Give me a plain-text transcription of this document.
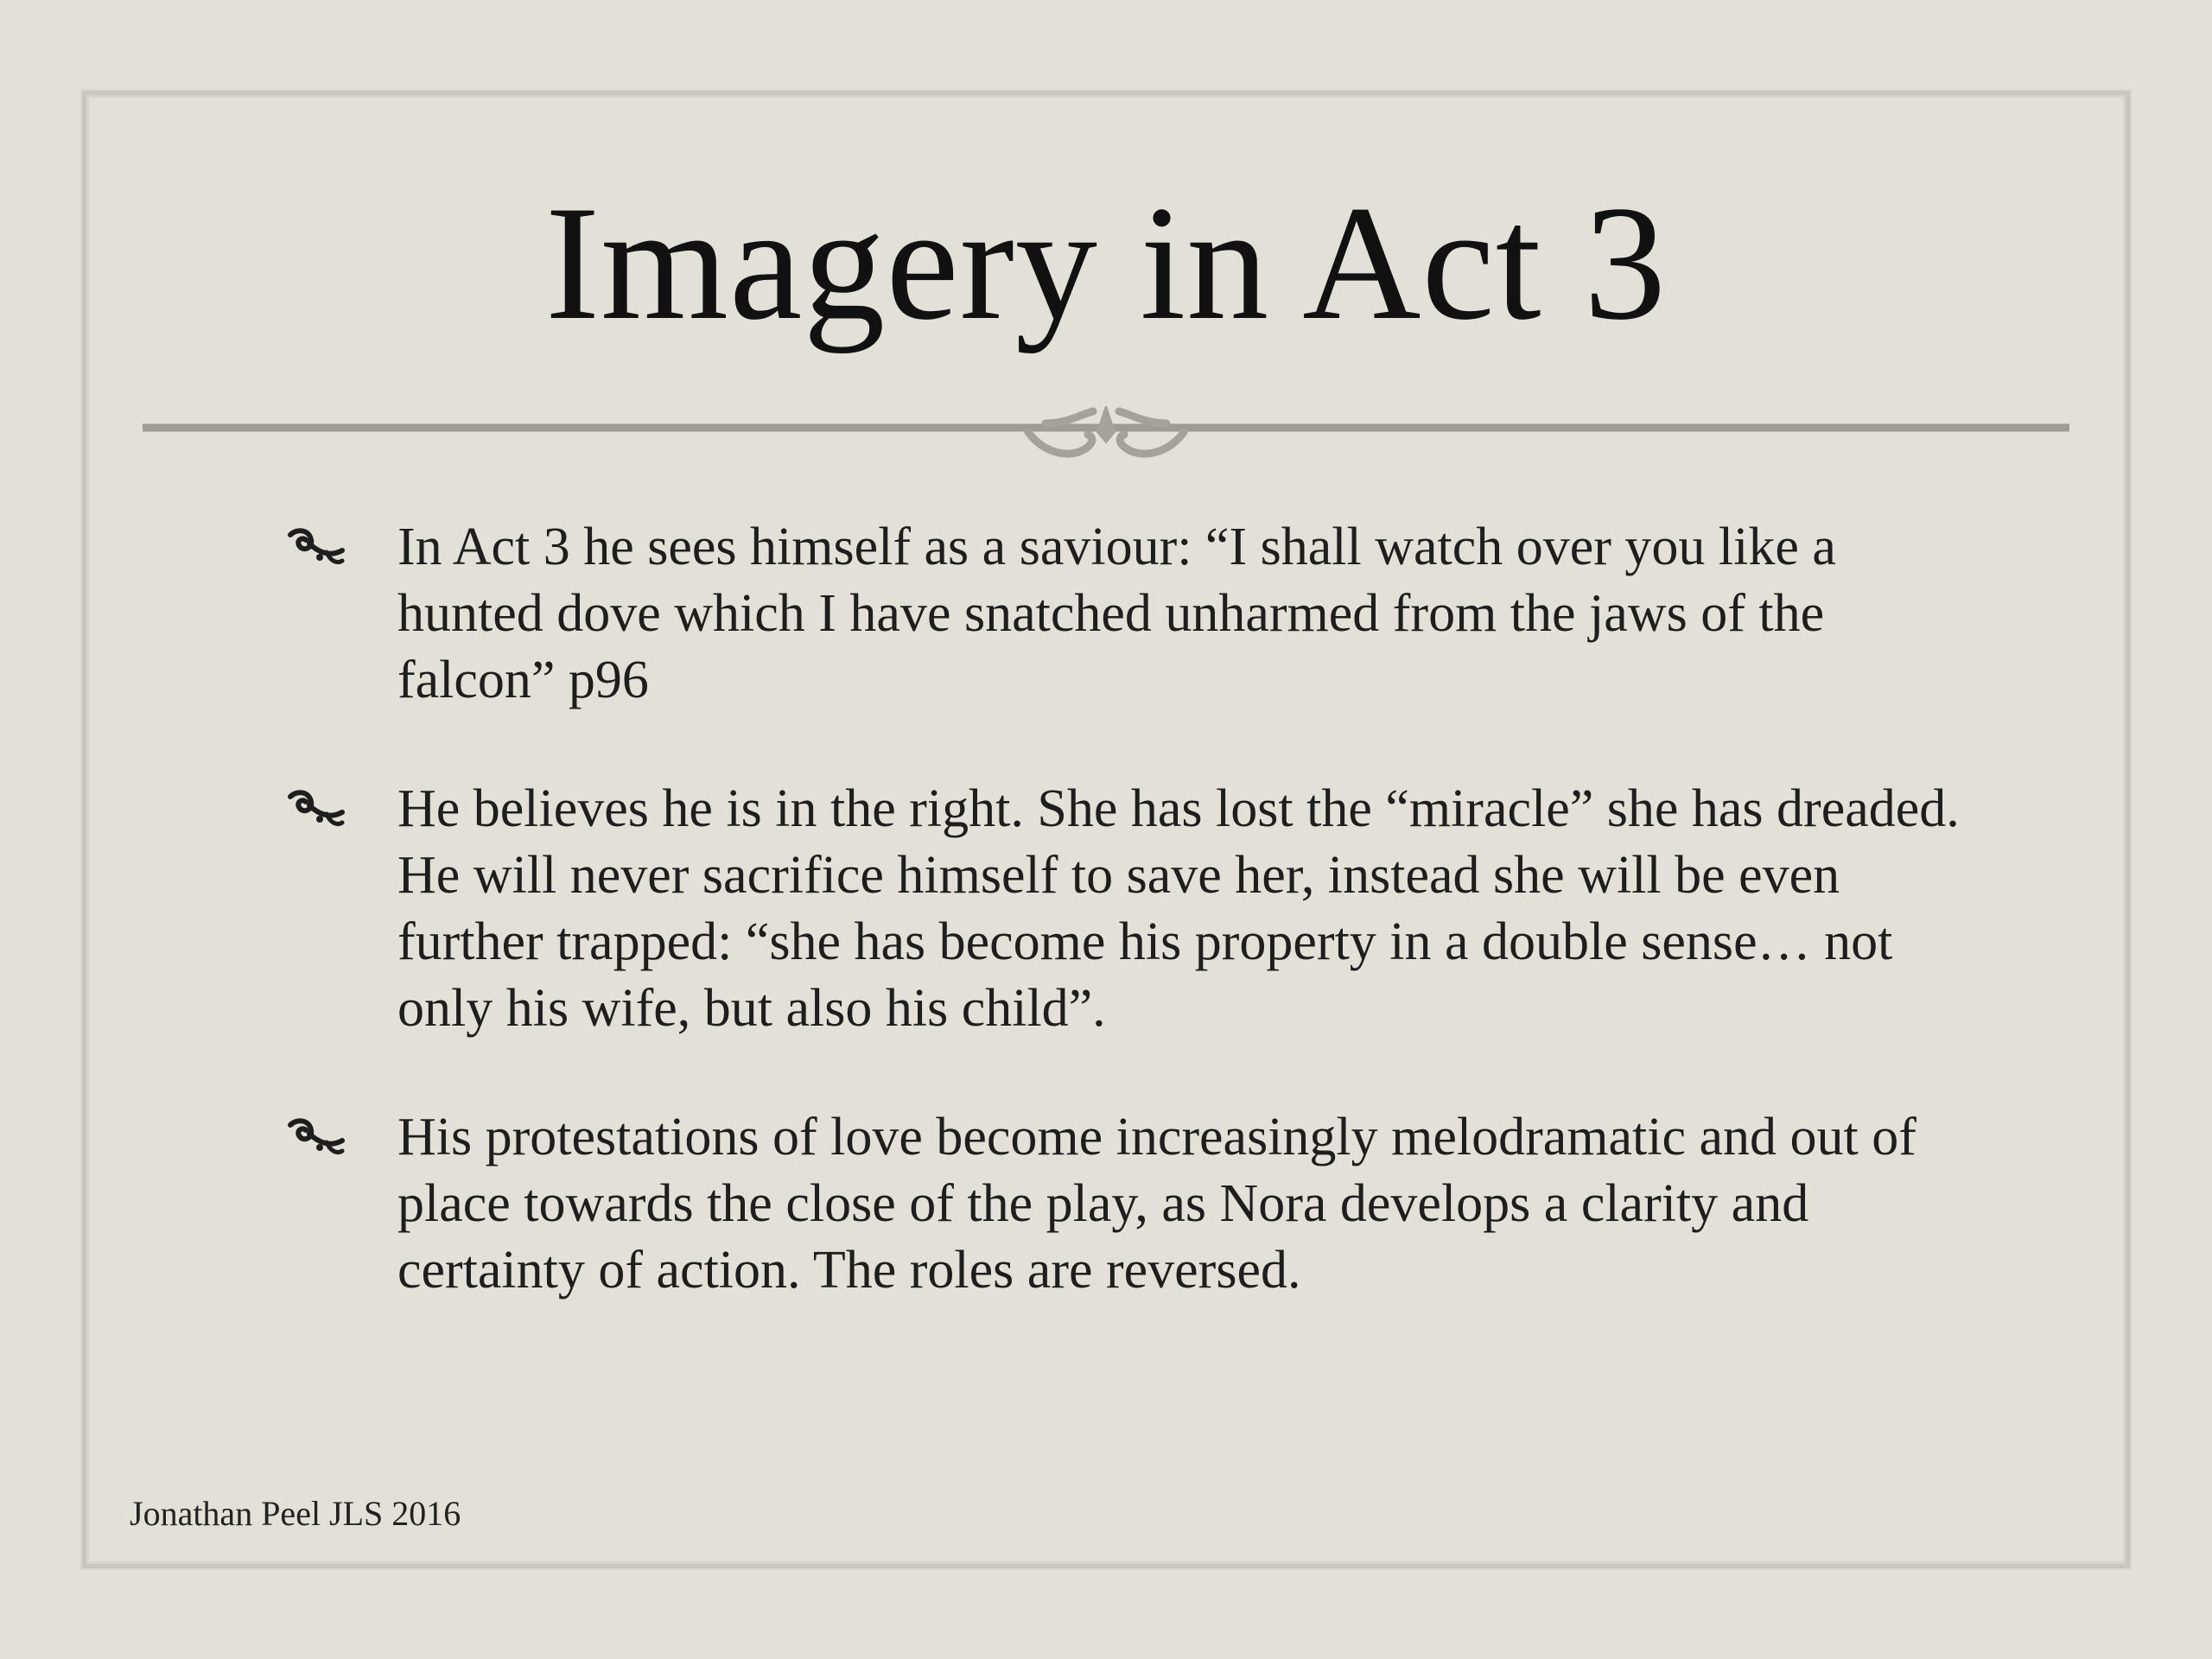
Imagery in Act 3
In Act 3 he sees himself as a saviour: “I shall watch over you like a hunted dove which I have snatched unharmed from the jaws of the falcon” p96
He believes he is in the right. She has lost the “miracle” she has dreaded. He will never sacrifice himself to save her, instead she will be even further trapped: “she has become his property in a double sense… not only his wife, but also his child”.
His protestations of love become increasingly melodramatic and out of place towards the close of the play, as Nora develops a clarity and certainty of action. The roles are reversed.
Jonathan Peel JLS 2016
